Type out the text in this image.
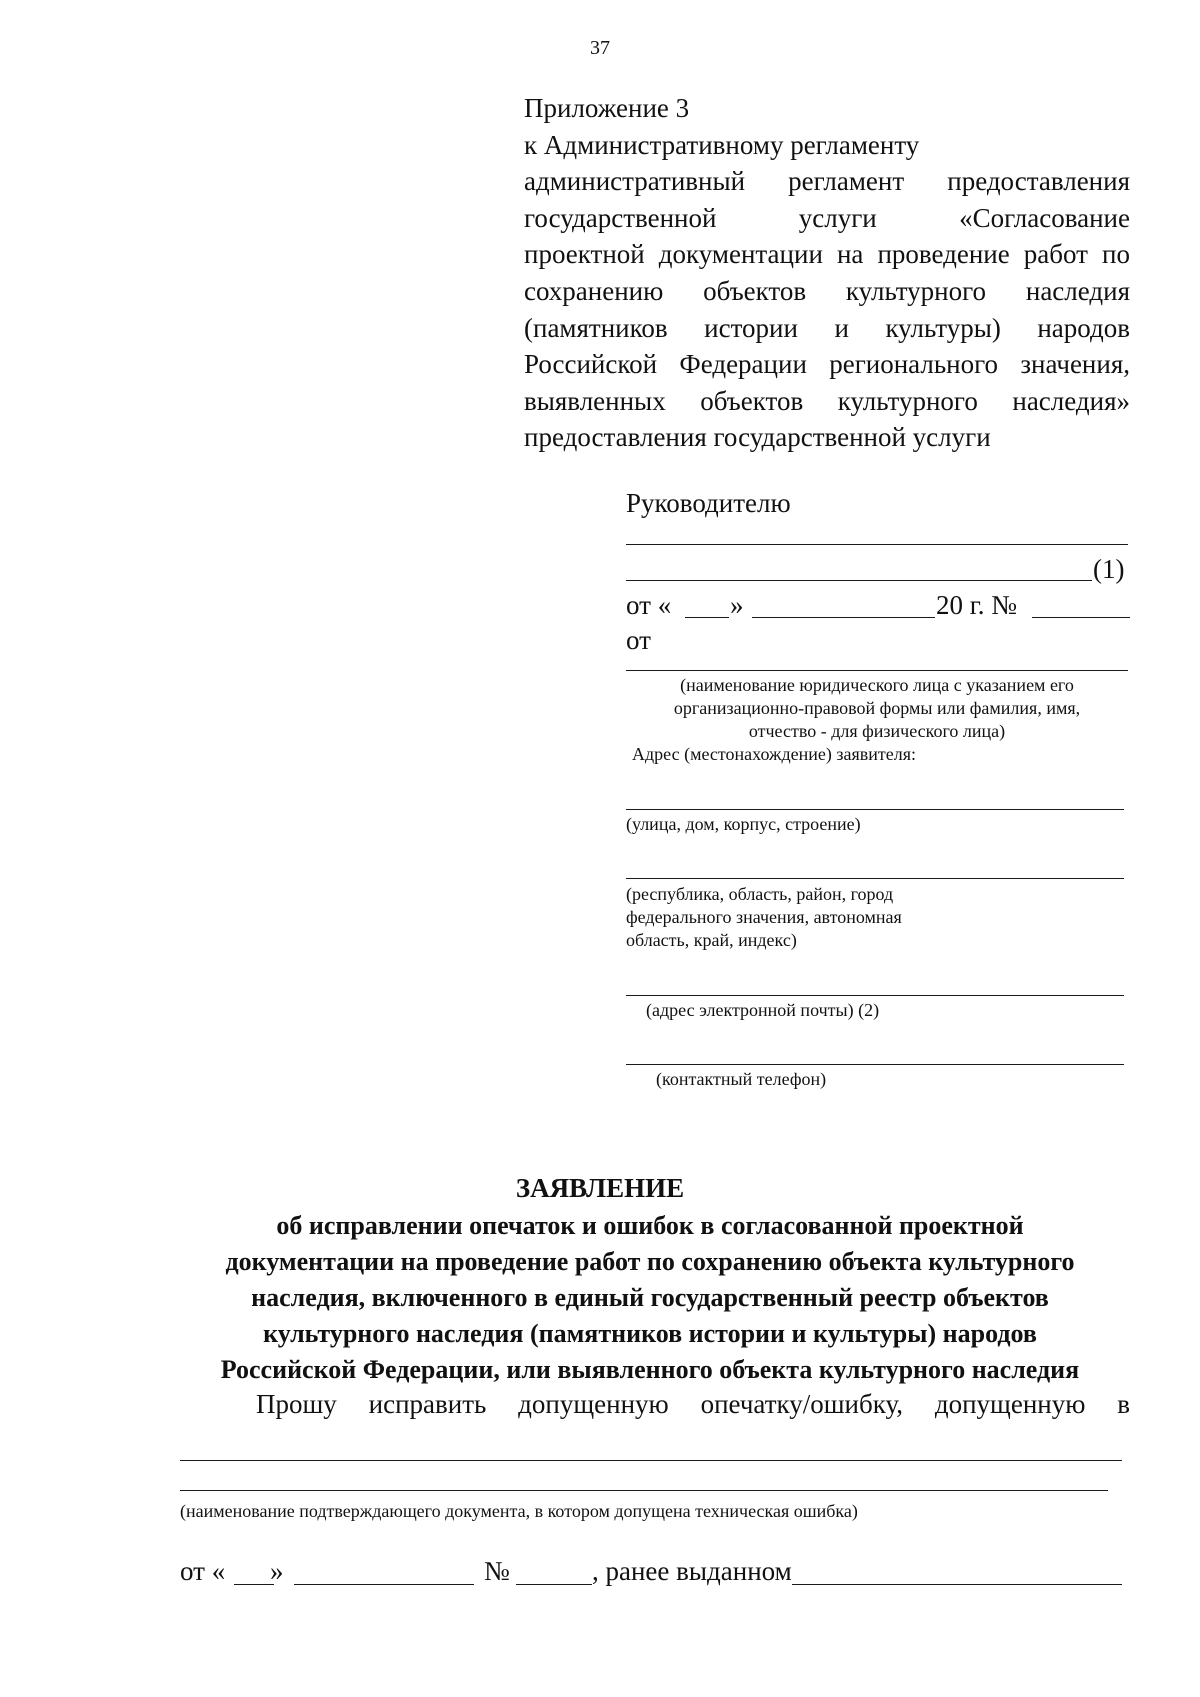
37
Приложение 3
к Административному регламенту
административный регламент предоставления
государственной услуги «Согласование
проектной документации на проведение работ по
сохранению объектов культурного наследия
(памятников истории и культуры) народов
Российской Федерации регионального значения,
выявленных объектов культурного наследия»
предоставления государственной услуги
Руководителю
(1)
от « »	20 г. №
от
(наименование юридического лица с указанием его
организационно-правовой формы или фамилия, имя,
отчество - для физического лица)
Адрес (местонахождение) заявителя:
(улица, дом, корпус, строение)
(республика, область, район, город
федерального значения, автономная
область, край, индекс)
(адрес электронной почты) (2)
(контактный телефон)
ЗАЯВЛЕНИЕ
об исправлении опечаток и ошибок в согласованной проектной
документации на проведение работ по сохранению объекта культурного
наследия, включенного в единый государственный реестр объектов
культурного наследия (памятников истории и культуры) народов
Российской Федерации, или выявленного объекта культурного наследия
Прошу исправить допущенную опечатку/ошибку, допущенную в
(наименование подтверждающего документа, в котором допущена техническая ошибка)
от « »	№	, ранее выданном
